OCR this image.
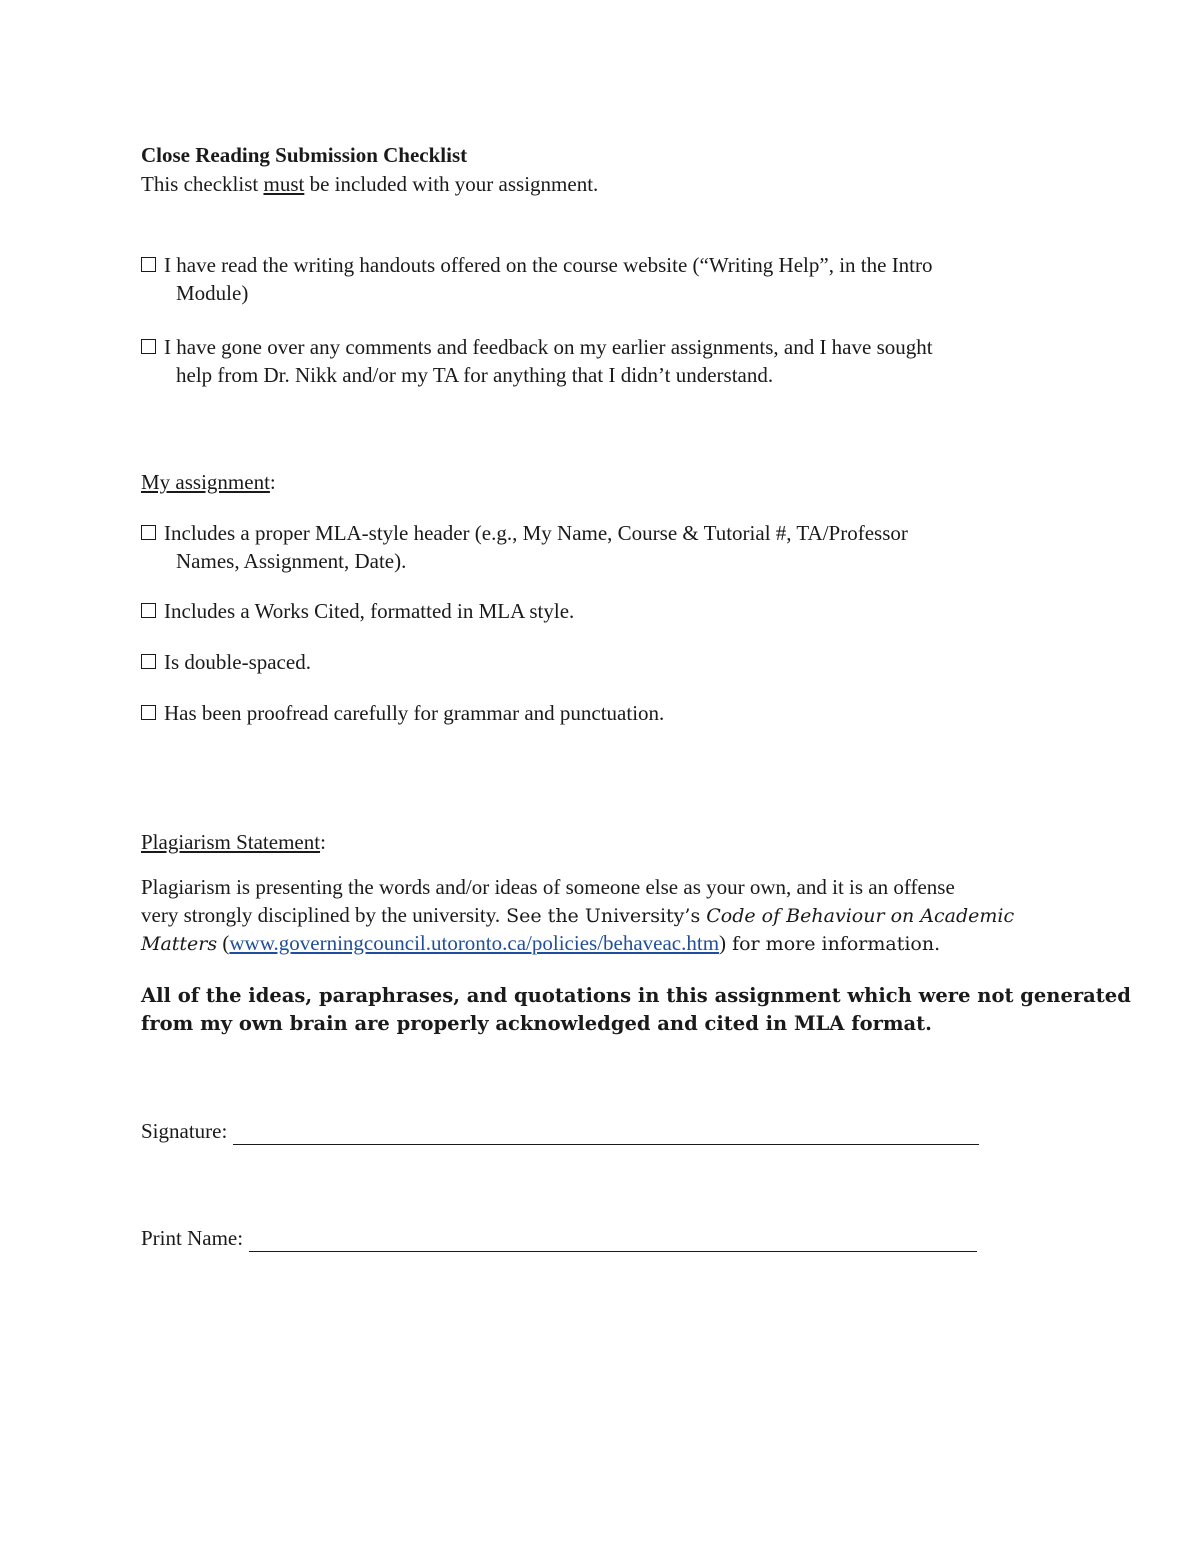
Close Reading Submission Checklist
This checklist must be included with your assignment.
I have read the writing handouts offered on the course website (“Writing Help”, in the Intro
Module)
I have gone over any comments and feedback on my earlier assignments, and I have sought
help from Dr. Nikk and/or my TA for anything that I didn’t understand.
My assignment:
Includes a proper MLA-style header (e.g., My Name, Course & Tutorial #, TA/Professor
Names, Assignment, Date).
Includes a Works Cited, formatted in MLA style.
Is double-spaced.
Has been proofread carefully for grammar and punctuation.
Plagiarism Statement:
Plagiarism is presenting the words and/or ideas of someone else as your own, and it is an offense
very strongly disciplined by the university. See the University’s Code of Behaviour on Academic
Matters (www.governingcouncil.utoronto.ca/policies/behaveac.htm) for more information.
All of the ideas, paraphrases, and quotations in this assignment which were not generated
from my own brain are properly acknowledged and cited in MLA format.
Signature:
Print Name:
